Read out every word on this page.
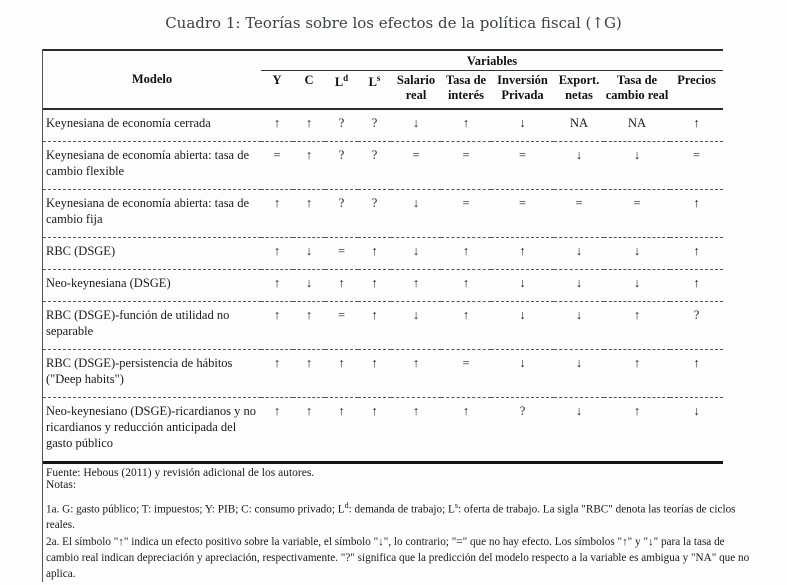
Cuadro 1: Teorías sobre los efectos de la política fiscal (↑G)
Modelo	Variables									
	Y	C	$L^d$	$L^s$	Salario real	Tasa de interés	Inversión Privada	Export. netas	Tasa de cambio real	Precios
Keynesiana de economía cerrada	↑	↑	?	?	↓	↑	↓	NA	NA	↑
Keynesiana de economía abierta: tasa de cambio flexible	=	↑	?	?	=	=	=	↓	↓	=
Keynesiana de economía abierta: tasa de cambio fija	↑	↑	?	?	↓	=	=	=	=	↑
RBC (DSGE)	↑	↓	=	↑	↓	↑	↑	↓	↓	↑
Neo-keynesiana (DSGE)	↑	↓	↑	↑	↑	↑	↓	↓	↓	↑
RBC (DSGE)-función de utilidad no separable	↑	↑	=	↑	↓	↑	↓	↓	↑	?
RBC (DSGE)-persistencia de hábitos ("Deep habits")	↑	↑	↑	↑	↑	=	↓	↓	↑	↑
Neo-keynesiano (DSGE)-ricardianos y no ricardianos y reducción anticipada del gasto público	↑	↑	↑	↑	↑	↑	?	↓	↑	↓
Fuente: Hebous (2011) y revisión adicional de los autores.
Notas:
1a. G: gasto público; T: impuestos; Y: PIB; C: consumo privado; $L^d$: demanda de trabajo; $L^s$: oferta de trabajo. La sigla "RBC" denota las teorías de ciclos reales.
2a. El símbolo "↑" indica un efecto positivo sobre la variable, el símbolo "↓", lo contrario; "=" que no hay efecto. Los símbolos "↑" y "↓" para la tasa de cambio real indican depreciación y apreciación, respectivamente. "?" significa que la predicción del modelo respecto a la variable es ambigua y "NA" que no aplica.
